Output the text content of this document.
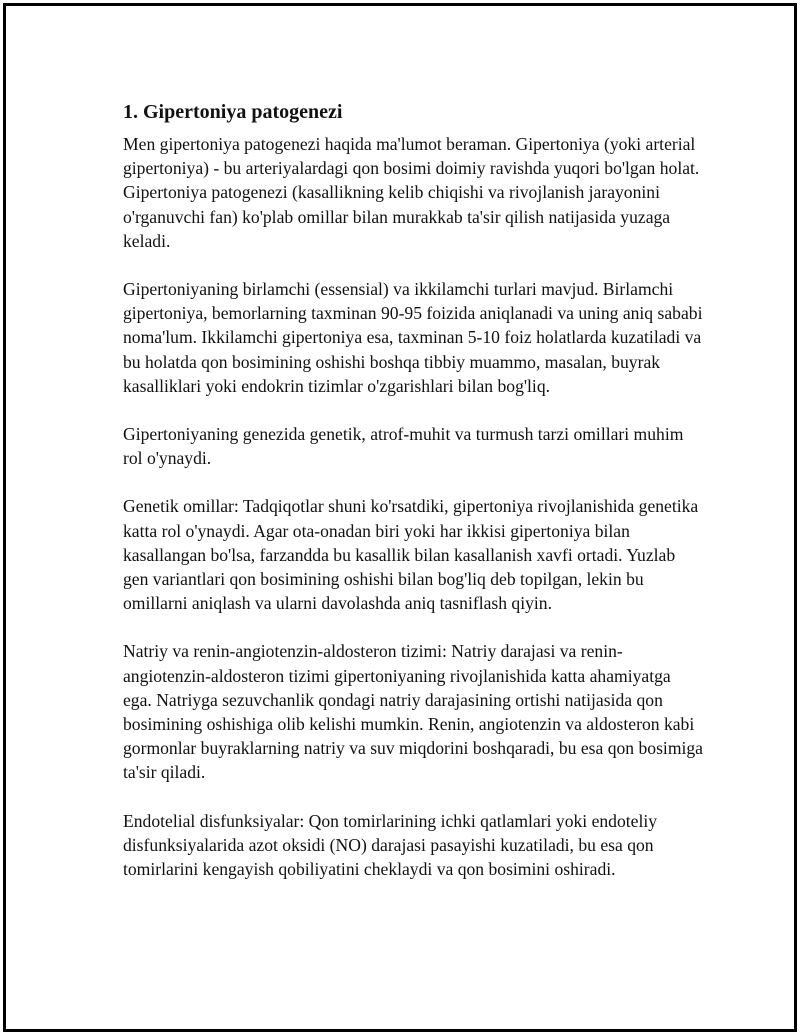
1. Gipertoniya patogenezi

Men gipertoniya patogenezi haqida ma'lumot beraman. Gipertoniya (yoki arterial gipertoniya) - bu arteriyalardagi qon bosimi doimiy ravishda yuqori bo'lgan holat. Gipertoniya patogenezi (kasallikning kelib chiqishi va rivojlanish jarayonini o'rganuvchi fan) ko'plab omillar bilan murakkab ta'sir qilish natijasida yuzaga keladi.

Gipertoniyaning birlamchi (essensial) va ikkilamchi turlari mavjud. Birlamchi gipertoniya, bemorlarning taxminan 90-95 foizida aniqlanadi va uning aniq sababi noma'lum. Ikkilamchi gipertoniya esa, taxminan 5-10 foiz holatlarda kuzatiladi va bu holatda qon bosimining oshishi boshqa tibbiy muammo, masalan, buyrak kasalliklari yoki endokrin tizimlar o'zgarishlari bilan bog'liq.

Gipertoniyaning genezida genetik, atrof-muhit va turmush tarzi omillari muhim rol o'ynaydi.

Genetik omillar: Tadqiqotlar shuni ko'rsatdiki, gipertoniya rivojlanishida genetika katta rol o'ynaydi. Agar ota-onadan biri yoki har ikkisi gipertoniya bilan kasallangan bo'lsa, farzandda bu kasallik bilan kasallanish xavfi ortadi. Yuzlab gen variantlari qon bosimining oshishi bilan bog'liq deb topilgan, lekin bu omillarni aniqlash va ularni davolashda aniq tasniflash qiyin.

Natriy va renin-angiotenzin-aldosteron tizimi: Natriy darajasi va renin-angiotenzin-aldosteron tizimi gipertoniyaning rivojlanishida katta ahamiyatga ega. Natriyga sezuvchanlik qondagi natriy darajasining ortishi natijasida qon bosimining oshishiga olib kelishi mumkin. Renin, angiotenzin va aldosteron kabi gormonlar buyraklarning natriy va suv miqdorini boshqaradi, bu esa qon bosimiga ta'sir qiladi.

Endotelial disfunksiyalar: Qon tomirlarining ichki qatlamlari yoki endoteliy disfunksiyalarida azot oksidi (NO) darajasi pasayishi kuzatiladi, bu esa qon tomirlarini kengayish qobiliyatini cheklaydi va qon bosimini oshiradi.
